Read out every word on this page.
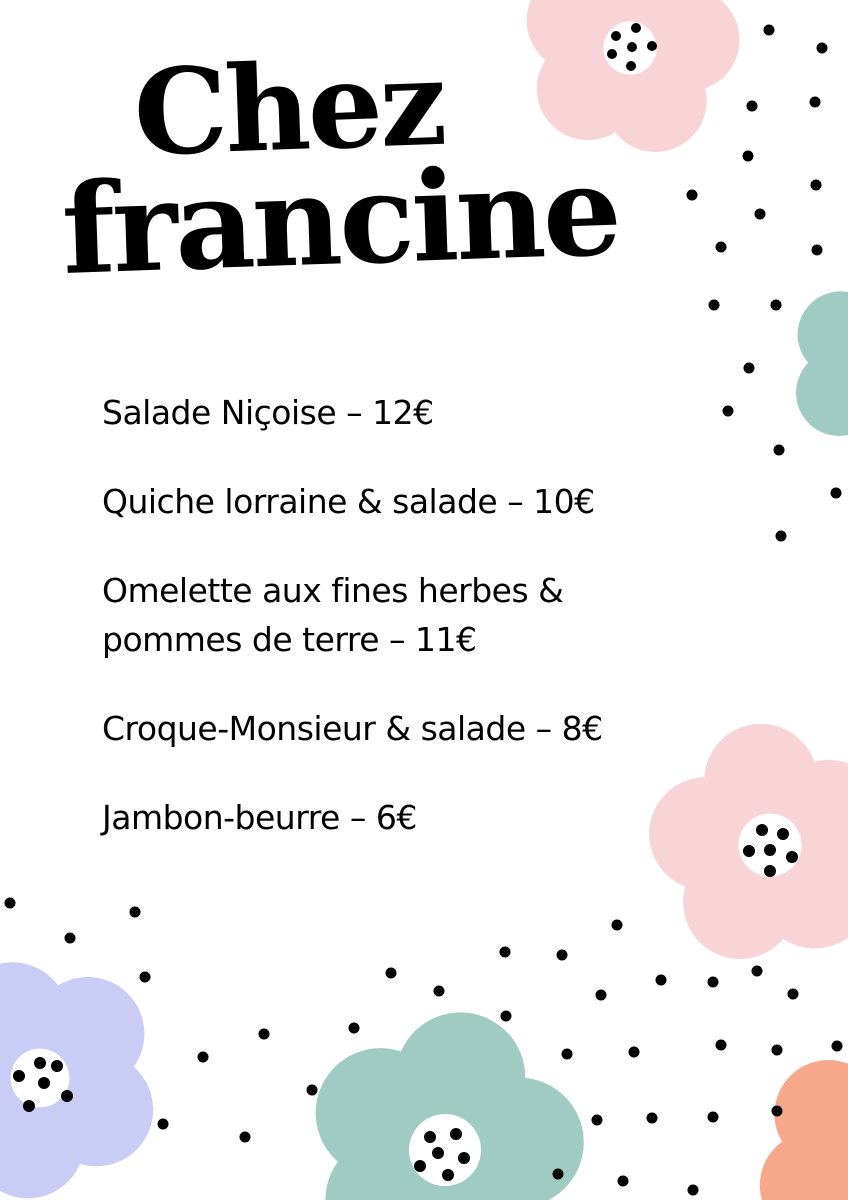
Chez
francine
Salade Niçoise – 12€
Quiche lorraine & salade – 10€
Omelette aux fines herbes & pommes de terre – 11€
Croque-Monsieur & salade – 8€
Jambon-beurre – 6€
